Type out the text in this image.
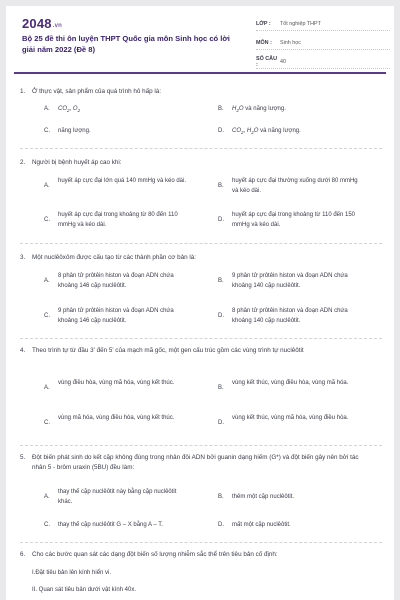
2048.vn
Bộ 25 đề thi ôn luyện THPT Quốc gia môn Sinh học có lời giải năm 2022 (Đề 8)
LỚP :	Tốt nghiệp THPT
MÔN :	Sinh học
SỐ CÂU :	40
1.	Ở thực vật, sản phẩm của quá trình hô hấp là:
A. $CO_2$, $O_2$	B. $H_2O$ và năng lượng.
C. năng lượng.	D. $CO_2$, $H_2O$ và năng lượng.
2.	Người bị bệnh huyết áp cao khi:
A.
huyết áp cực đại lớn quá 140 mmHg và kéo dài.
B.
huyết áp cực đại thường xuống dưới 80 mmHg và kéo dài.
C.
huyết áp cực đại trong khoảng từ 80 đến 110 mmHg và kéo dài.
D.
huyết áp cực đại trong khoảng từ 110 đến 150 mmHg và kéo dài.
3.	Một nuclêôxôm được cấu tạo từ các thành phần cơ bản là:
A.
8 phân tử prôtêin histon và đoạn ADN chứa khoảng 146 cặp nuclêôtit.
B.
9 phân tử prôtêin histon và đoạn ADN chứa khoảng 140 cặp nuclêôtit.
C.
9 phân tử prôtêin histon và đoạn ADN chứa khoảng 146 cặp nuclêôtit.
D.
8 phân tử prôtêin histon và đoạn ADN chứa khoảng 140 cặp nuclêôtit.
4.	Theo trình tự từ đầu 3' đến 5' của mạch mã gốc, một gen cấu trúc gồm các vùng trình tự nuclêôtit
A.
vùng điều hòa, vùng mã hóa, vùng kết thúc.
B.
vùng kết thúc, vùng điều hòa, vùng mã hóa.
C.
vùng mã hóa, vùng điều hòa, vùng kết thúc.
D.
vùng kết thúc, vùng mã hóa, vùng điều hòa.
5.	Đột biến phát sinh do kết cặp không đúng trong nhân đôi ADN bởi guanin dạng hiếm (G*) và đột biến gây nên bởi tác nhân 5 - brôm uraxin (5BU) đều làm:
A.
thay thế cặp nuclêôtit này bằng cặp nuclêôtit khác.
B. thêm một cặp nuclêôtit.
C. thay thế cặp nuclêôtit G – X bằng A – T.	D. mất một cặp nuclêôtit.
6.	Cho các bước quan sát các dạng đột biến số lượng nhiễm sắc thể trên tiêu bản cố định:
I.Đặt tiêu bản lên kính hiển vi.
II. Quan sát tiêu bản dưới vật kính 40x.
